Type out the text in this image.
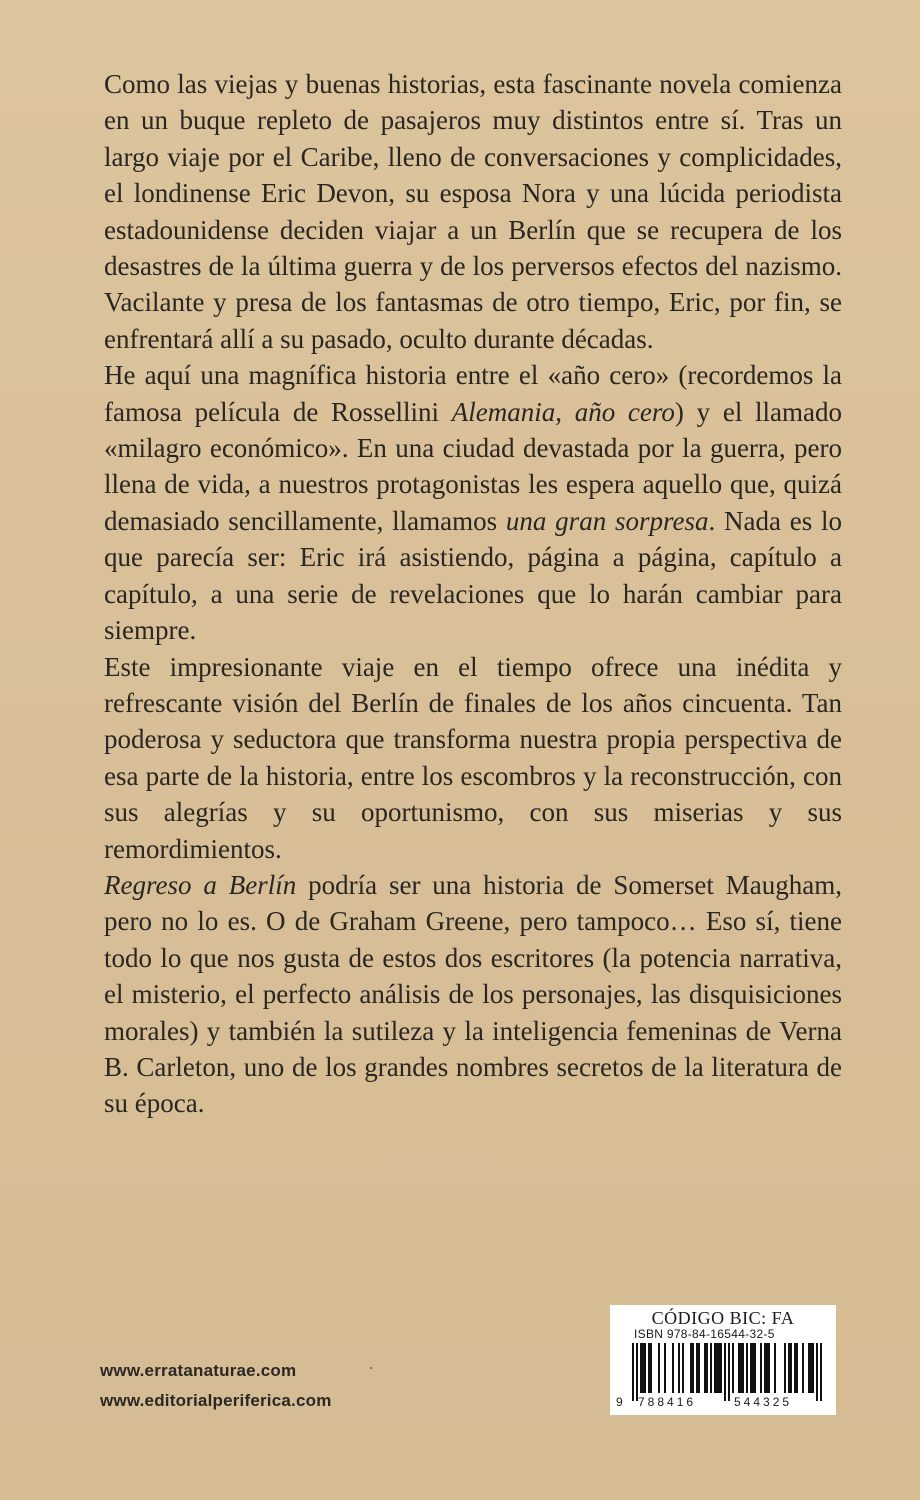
Como las viejas y buenas historias, esta fascinante novela comienza en un buque repleto de pasajeros muy distintos entre sí. Tras un largo viaje por el Caribe, lleno de conversaciones y complicidades, el londinense Eric Devon, su esposa Nora y una lúcida periodista estadounidense deciden viajar a un Berlín que se recupera de los desastres de la última guerra y de los perversos efectos del nazismo. Vacilante y presa de los fantasmas de otro tiempo, Eric, por fin, se enfrentará allí a su pasado, oculto durante décadas.

He aquí una magnífica historia entre el «año cero» (recordemos la famosa película de Rossellini Alemania, año cero) y el llamado «milagro económico». En una ciudad devastada por la guerra, pero llena de vida, a nuestros protagonistas les espera aquello que, quizá demasiado sencillamente, llamamos una gran sorpresa. Nada es lo que parecía ser: Eric irá asistiendo, página a página, capítulo a capítulo, a una serie de revelaciones que lo harán cambiar para siempre.

Este impresionante viaje en el tiempo ofrece una inédita y refrescante visión del Berlín de finales de los años cincuenta. Tan poderosa y seductora que transforma nuestra propia perspectiva de esa parte de la historia, entre los escombros y la reconstrucción, con sus alegrías y su oportunismo, con sus miserias y sus remordimientos.

Regreso a Berlín podría ser una historia de Somerset Maugham, pero no lo es. O de Graham Greene, pero tampoco… Eso sí, tiene todo lo que nos gusta de estos dos escritores (la potencia narrativa, el misterio, el perfecto análisis de los personajes, las disquisiciones morales) y también la sutileza y la inteligencia femeninas de Verna B. Carleton, uno de los grandes nombres secretos de la literatura de su época.

www.erratanaturae.com
www.editorialperiferica.com
CÓDIGO BIC: FA
ISBN 978-84-16544-32-5
9 788416	544325
